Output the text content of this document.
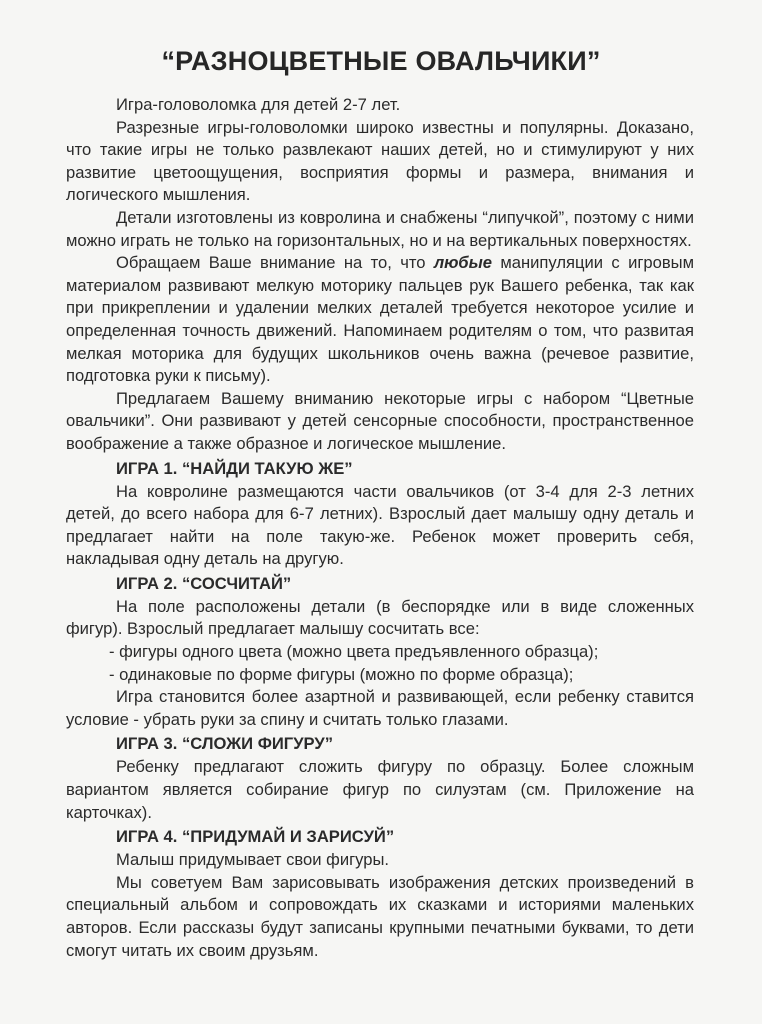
“РАЗНОЦВЕТНЫЕ ОВАЛЬЧИКИ”

Игра-головоломка для детей 2-7 лет.

Разрезные игры-головоломки широко известны и популярны. Доказано, что такие игры не только развлекают наших детей, но и стимулируют у них развитие цветоощущения, восприятия формы и размера, внимания и логического мышления.

Детали изготовлены из ковролина и снабжены “липучкой”, поэтому с ними можно играть не только на горизонтальных, но и на вертикальных поверхностях.

Обращаем Ваше внимание на то, что любые манипуляции с игровым материалом развивают мелкую моторику пальцев рук Вашего ребенка, так как при прикреплении и удалении мелких деталей требуется некоторое усилие и определенная точность движений. Напоминаем родителям о том, что развитая мелкая моторика для будущих школьников очень важна (речевое развитие, подготовка руки к письму).

Предлагаем Вашему вниманию некоторые игры с набором “Цветные овальчики”. Они развивают у детей сенсорные способности, пространственное воображение а также образное и логическое мышление.

ИГРА 1. “НАЙДИ ТАКУЮ ЖЕ”

На ковролине размещаются части овальчиков (от 3-4 для 2-3 летних детей, до всего набора для 6-7 летних). Взрослый дает малышу одну деталь и предлагает найти на поле такую-же. Ребенок может проверить себя, накладывая одну деталь на другую.

ИГРА 2. “СОСЧИТАЙ”

На поле расположены детали (в беспорядке или в виде сложенных фигур). Взрослый предлагает малышу сосчитать все:

- фигуры одного цвета (можно цвета предъявленного образца);

- одинаковые по форме фигуры (можно по форме образца);

Игра становится более азартной и развивающей, если ребенку ставится условие - убрать руки за спину и считать только глазами.

ИГРА 3. “СЛОЖИ ФИГУРУ”

Ребенку предлагают сложить фигуру по образцу. Более сложным вариантом является собирание фигур по силуэтам (см. Приложение на карточках).

ИГРА 4. “ПРИДУМАЙ И ЗАРИСУЙ”

Малыш придумывает свои фигуры.

Мы советуем Вам зарисовывать изображения детских произведений в специальный альбом и сопровождать их сказками и историями маленьких авторов. Если рассказы будут записаны крупными печатными буквами, то дети смогут читать их своим друзьям.
